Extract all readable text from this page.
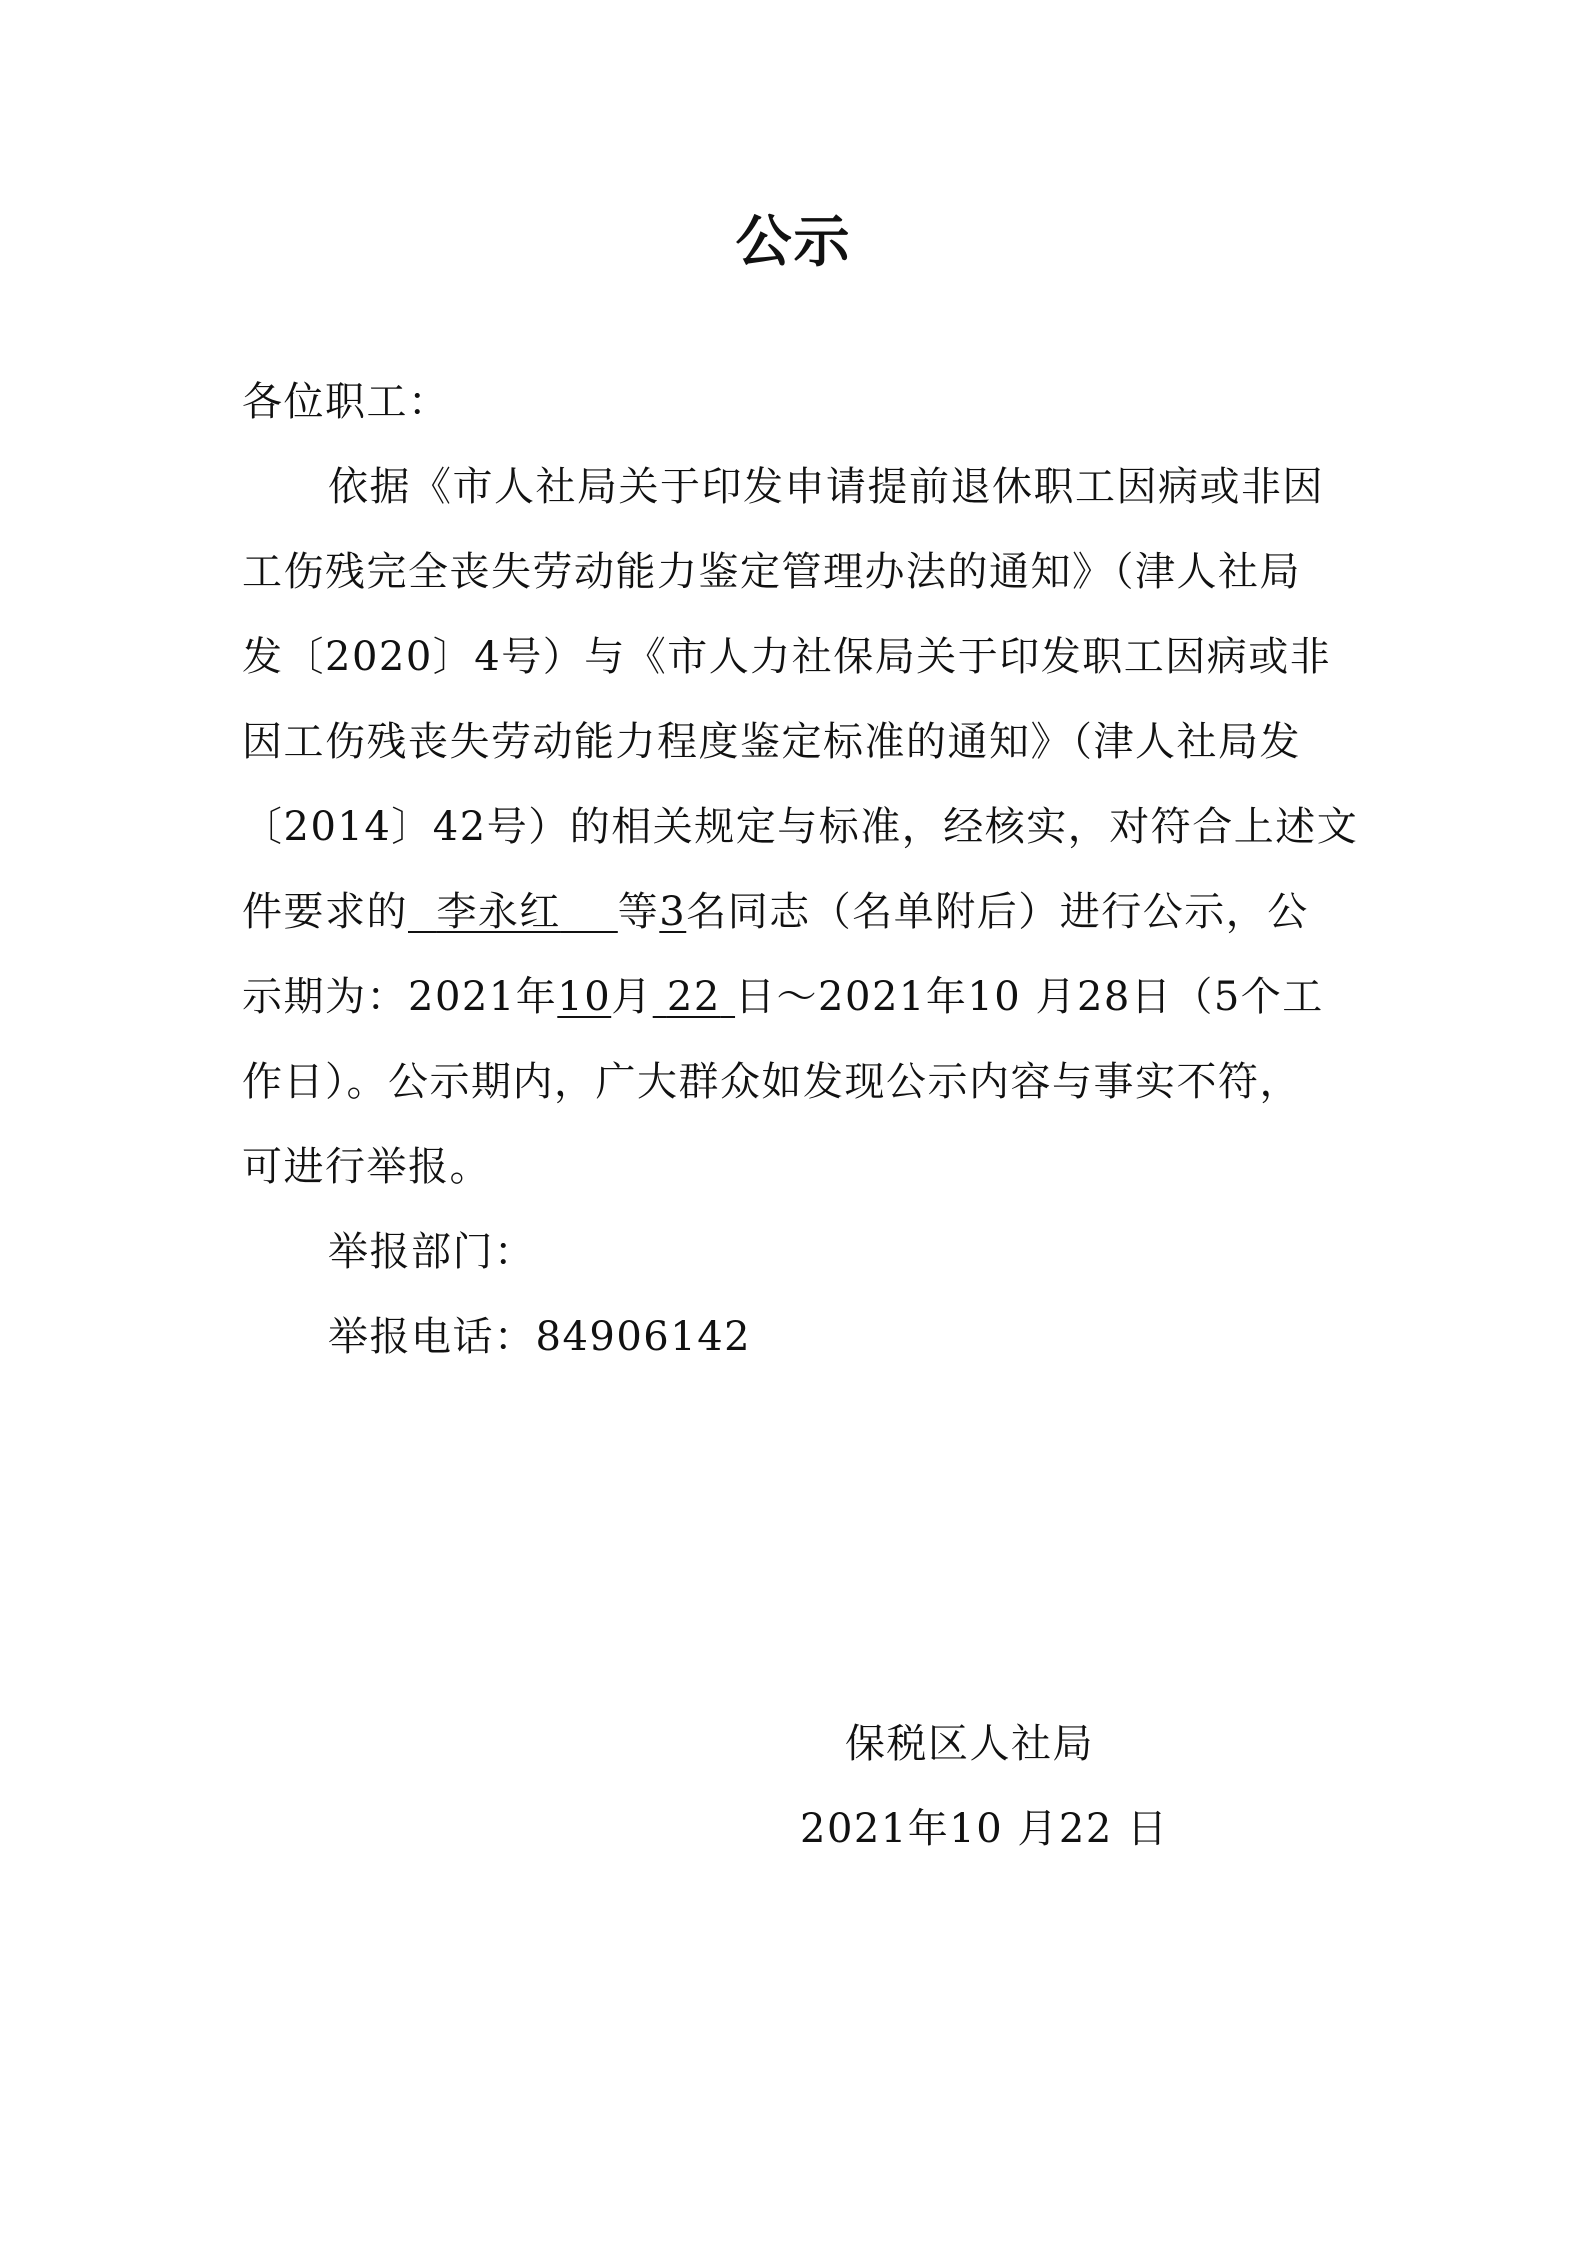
公示
各位职工：
依据《市人社局关于印发申请提前退休职工因病或非因
工伤残完全丧失劳动能力鉴定管理办法的通知》（津人社局
发〔2020〕4号）与《市人力社保局关于印发职工因病或非
因工伤残丧失劳动能力程度鉴定标准的通知》（津人社局发
〔2014〕42号）的相关规定与标准，经核实，对符合上述文
件要求的 李永红 等3名同志（名单附后）进行公示，公
示期为：2021年10月 22 日～2021年10 月28日（5个工
作日）。公示期内，广大群众如发现公示内容与事实不符，
可进行举报。
举报部门：
举报电话：84906142
保税区人社局
2021年10 月22 日
